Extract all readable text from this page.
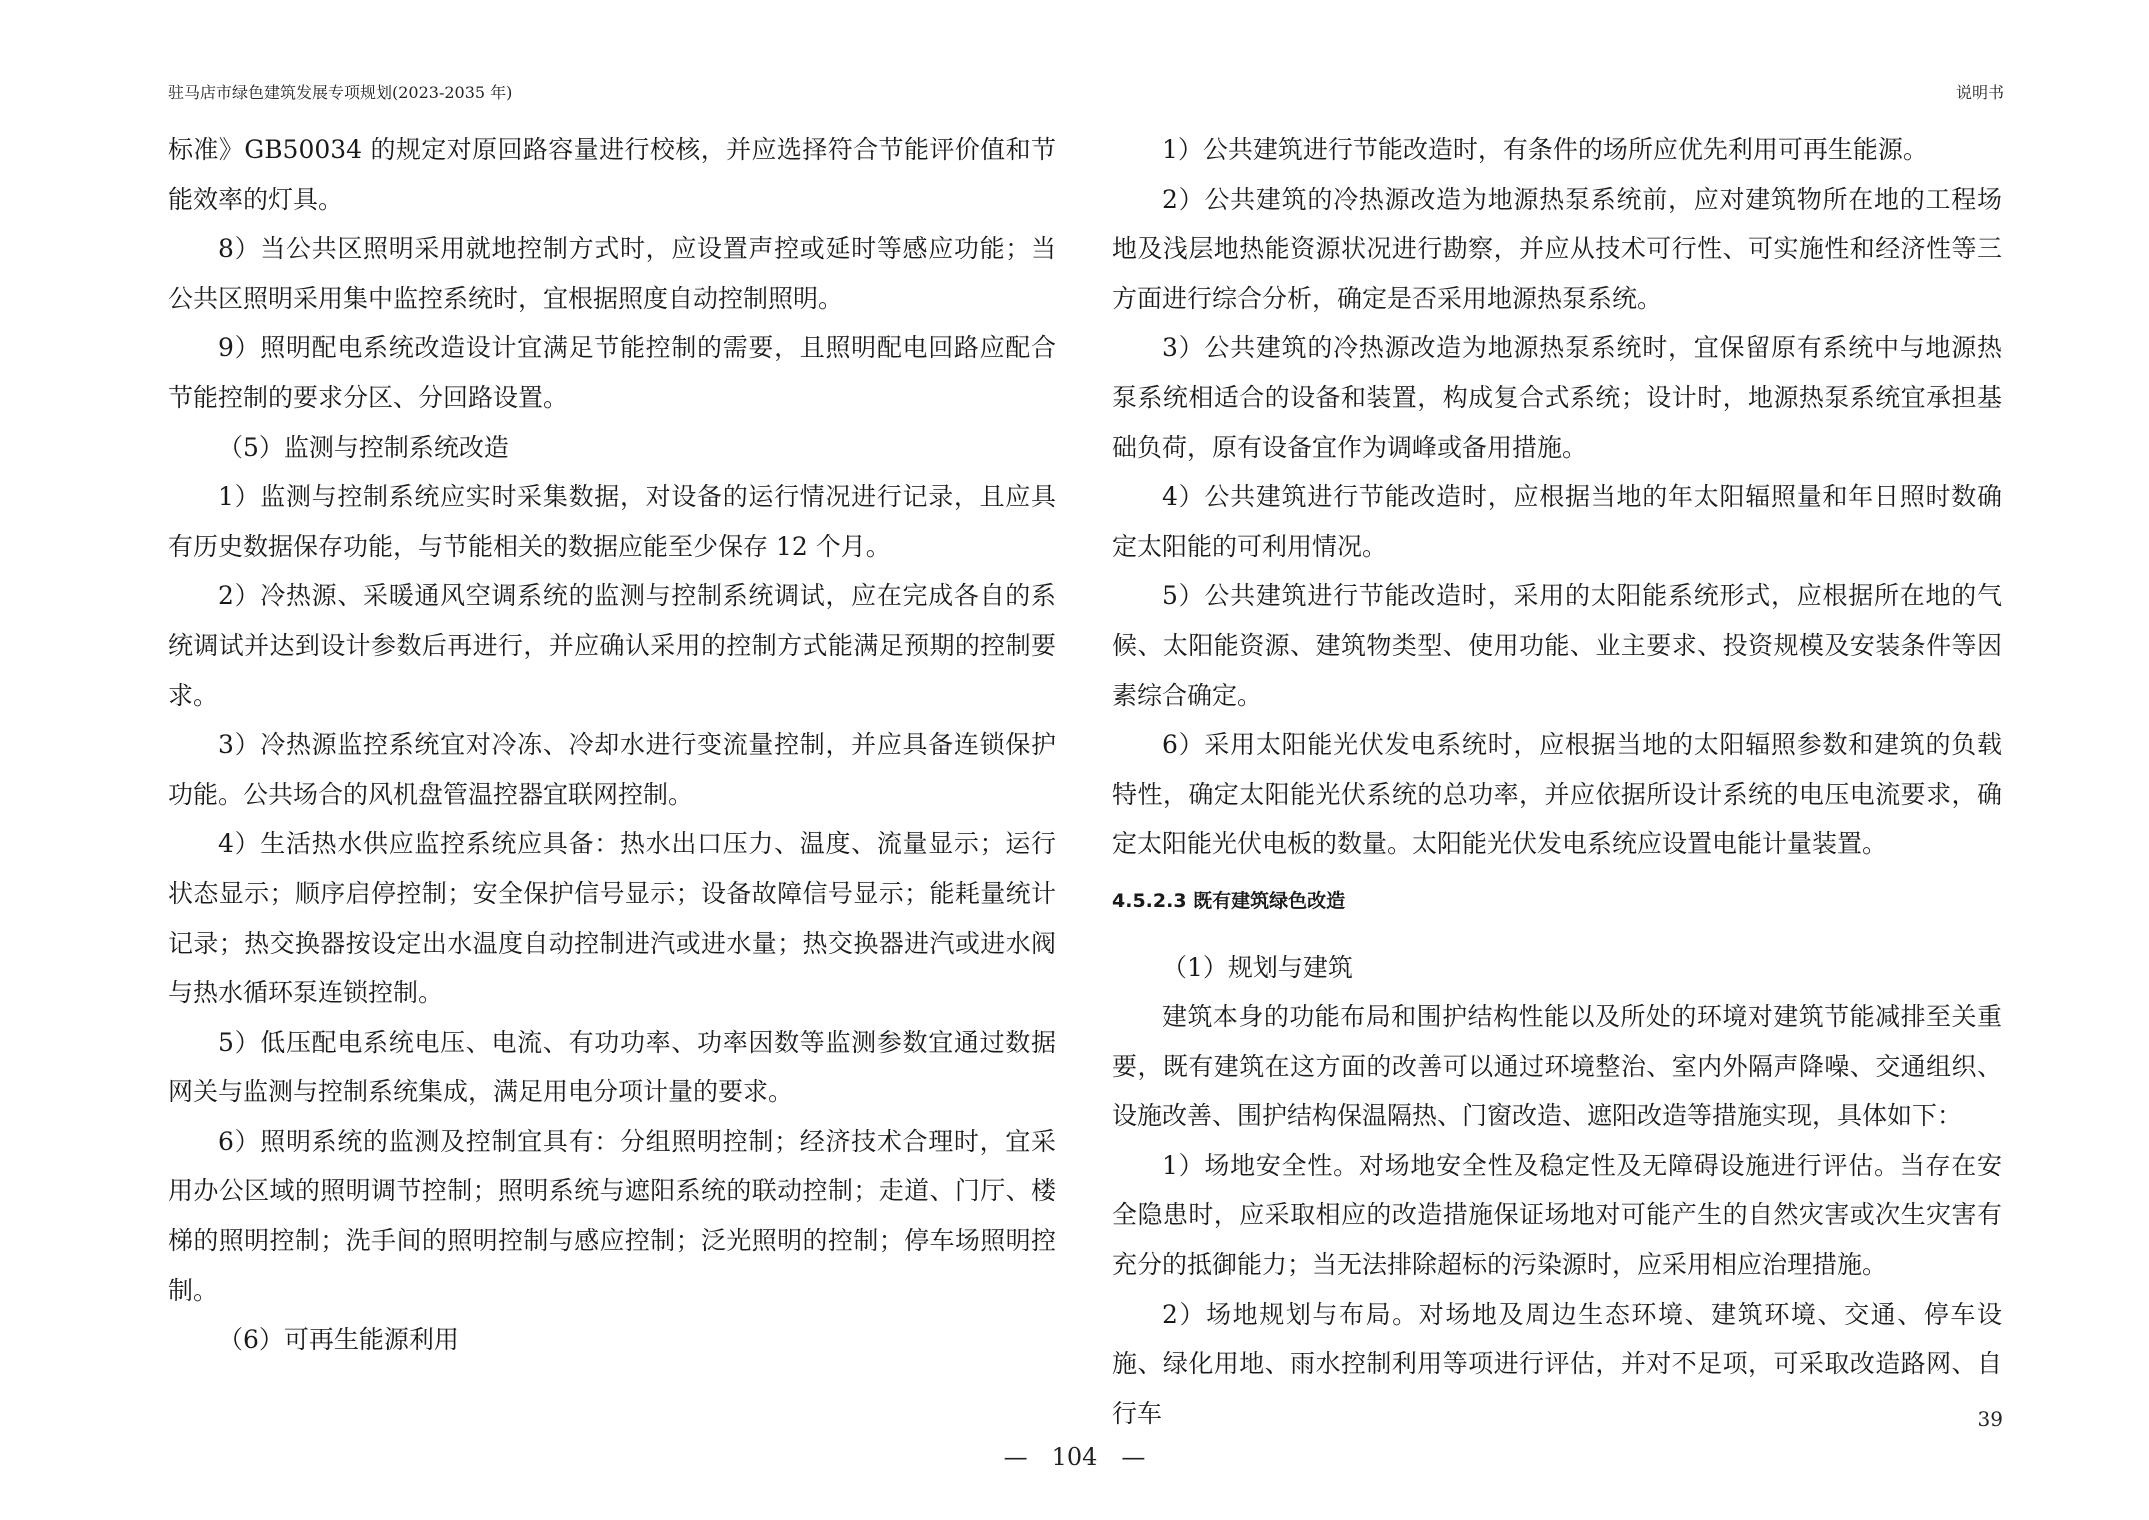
驻马店市绿色建筑发展专项规划(2023-2035 年)	说明书

标准》GB50034 的规定对原回路容量进行校核，并应选择符合节能评价值和节能效率的灯具。

8）当公共区照明采用就地控制方式时，应设置声控或延时等感应功能；当公共区照明采用集中监控系统时，宜根据照度自动控制照明。

9）照明配电系统改造设计宜满足节能控制的需要，且照明配电回路应配合节能控制的要求分区、分回路设置。

（5）监测与控制系统改造

1）监测与控制系统应实时采集数据，对设备的运行情况进行记录，且应具有历史数据保存功能，与节能相关的数据应能至少保存 12 个月。

2）冷热源、采暖通风空调系统的监测与控制系统调试，应在完成各自的系统调试并达到设计参数后再进行，并应确认采用的控制方式能满足预期的控制要求。

3）冷热源监控系统宜对冷冻、冷却水进行变流量控制，并应具备连锁保护功能。公共场合的风机盘管温控器宜联网控制。

4）生活热水供应监控系统应具备：热水出口压力、温度、流量显示；运行状态显示；顺序启停控制；安全保护信号显示；设备故障信号显示；能耗量统计记录；热交换器按设定出水温度自动控制进汽或进水量；热交换器进汽或进水阀与热水循环泵连锁控制。

5）低压配电系统电压、电流、有功功率、功率因数等监测参数宜通过数据网关与监测与控制系统集成，满足用电分项计量的要求。

6）照明系统的监测及控制宜具有：分组照明控制；经济技术合理时，宜采用办公区域的照明调节控制；照明系统与遮阳系统的联动控制；走道、门厅、楼梯的照明控制；洗手间的照明控制与感应控制；泛光照明的控制；停车场照明控制。

（6）可再生能源利用

1）公共建筑进行节能改造时，有条件的场所应优先利用可再生能源。

2）公共建筑的冷热源改造为地源热泵系统前，应对建筑物所在地的工程场地及浅层地热能资源状况进行勘察，并应从技术可行性、可实施性和经济性等三方面进行综合分析，确定是否采用地源热泵系统。

3）公共建筑的冷热源改造为地源热泵系统时，宜保留原有系统中与地源热泵系统相适合的设备和装置，构成复合式系统；设计时，地源热泵系统宜承担基础负荷，原有设备宜作为调峰或备用措施。

4）公共建筑进行节能改造时，应根据当地的年太阳辐照量和年日照时数确定太阳能的可利用情况。

5）公共建筑进行节能改造时，采用的太阳能系统形式，应根据所在地的气候、太阳能资源、建筑物类型、使用功能、业主要求、投资规模及安装条件等因素综合确定。

6）采用太阳能光伏发电系统时，应根据当地的太阳辐照参数和建筑的负载特性，确定太阳能光伏系统的总功率，并应依据所设计系统的电压电流要求，确定太阳能光伏电板的数量。太阳能光伏发电系统应设置电能计量装置。

4.5.2.3 既有建筑绿色改造

（1）规划与建筑

建筑本身的功能布局和围护结构性能以及所处的环境对建筑节能减排至关重要，既有建筑在这方面的改善可以通过环境整治、室内外隔声降噪、交通组织、设施改善、围护结构保温隔热、门窗改造、遮阳改造等措施实现，具体如下：

1）场地安全性。对场地安全性及稳定性及无障碍设施进行评估。当存在安全隐患时，应采取相应的改造措施保证场地对可能产生的自然灾害或次生灾害有充分的抵御能力；当无法排除超标的污染源时，应采用相应治理措施。

2）场地规划与布局。对场地及周边生态环境、建筑环境、交通、停车设施、绿化用地、雨水控制利用等项进行评估，并对不足项，可采取改造路网、自行车	39
—　104　—
